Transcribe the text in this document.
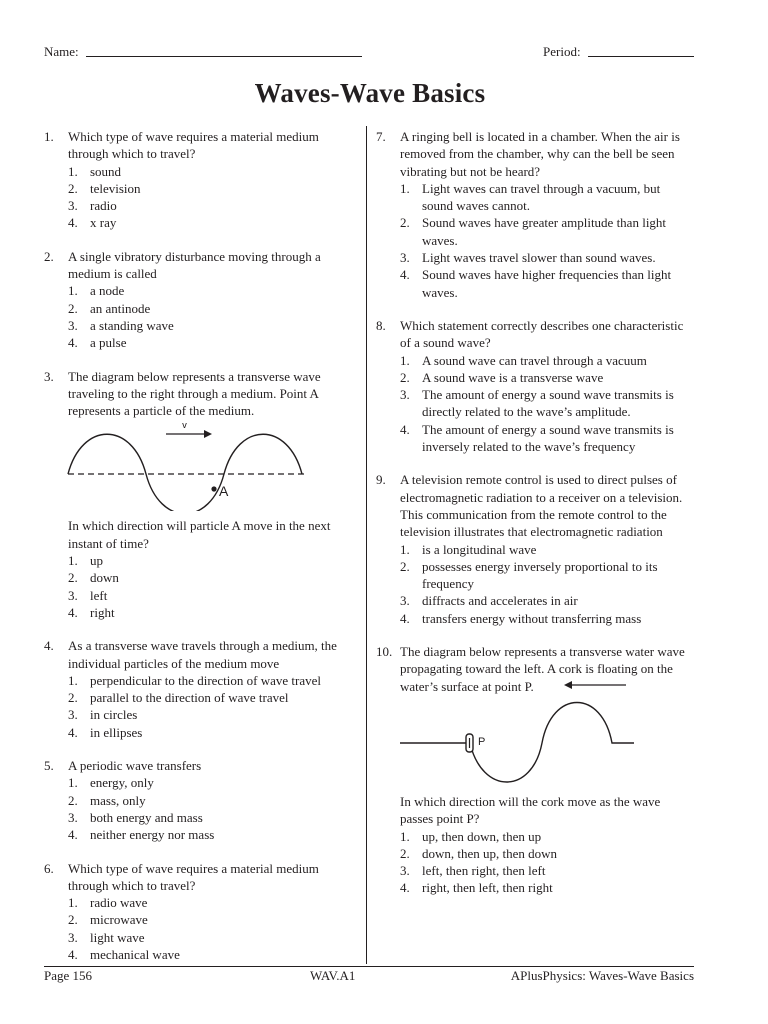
Name:	Period:
Waves-Wave Basics
1.	Which type of wave requires a material medium through which to travel?
1. sound
2. television
3. radio
4. x ray
2.	A single vibratory disturbance moving through a medium is called
1. a node
2. an antinode
3. a standing wave
4. a pulse
3.	The diagram below represents a transverse wave traveling to the right through a medium. Point A represents a particle of the medium.
v
A
In which direction will particle A move in the next instant of time?
1. up
2. down
3. left
4. right
4.	As a transverse wave travels through a medium, the individual particles of the medium move
1. perpendicular to the direction of wave travel
2. parallel to the direction of wave travel
3. in circles
4. in ellipses
5.	A periodic wave transfers
1. energy, only
2. mass, only
3. both energy and mass
4. neither energy nor mass
6.	Which type of wave requires a material medium through which to travel?
1. radio wave
2. microwave
3. light wave
4. mechanical wave
7.	A ringing bell is located in a chamber. When the air is removed from the chamber, why can the bell be seen vibrating but not be heard?
1. Light waves can travel through a vacuum, but sound waves cannot.
2. Sound waves have greater amplitude than light waves.
3. Light waves travel slower than sound waves.
4. Sound waves have higher frequencies than light waves.
8.	Which statement correctly describes one characteristic of a sound wave?
1. A sound wave can travel through a vacuum
2. A sound wave is a transverse wave
3. The amount of energy a sound wave transmits is directly related to the wave’s amplitude.
4. The amount of energy a sound wave transmits is inversely related to the wave’s frequency
9.	A television remote control is used to direct pulses of electromagnetic radiation to a receiver on a television. This communication from the remote control to the television illustrates that electromagnetic radiation
1. is a longitudinal wave
2. possesses energy inversely proportional to its frequency
3. diffracts and accelerates in air
4. transfers energy without transferring mass
10. The diagram below represents a transverse water wave propagating toward the left. A cork is floating on the water’s surface at point P.
P
In which direction will the cork move as the wave passes point P?
1. up, then down, then up
2. down, then up, then down
3. left, then right, then left
4. right, then left, then right
Page 156	WAV.A1	APlusPhysics: Waves-Wave Basics
